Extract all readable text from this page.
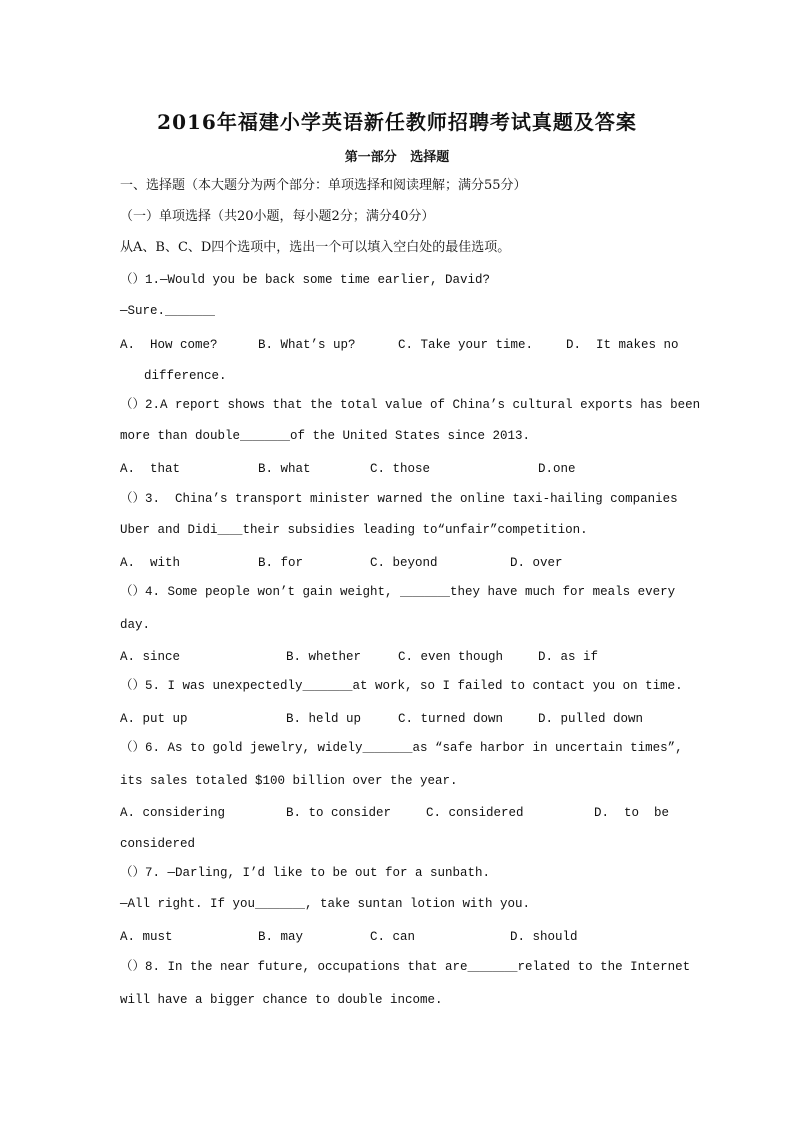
2016年福建小学英语新任教师招聘考试真题及答案
第一部分   选择题
一、选择题（本大题分为两个部分：单项选择和阅读理解；满分55分）
（一）单项选择（共20小题，每小题2分；满分40分）
从A、B、C、D四个选项中，选出一个可以填入空白处的最佳选项。
（）1.—Would you be back some time earlier, David?
—Sure.＿＿＿＿
A.  How come?	B. What’s up?	C. Take your time.	D.  It makes no
difference.
（）2.A report shows that the total value of China’s cultural exports has been
more than double＿＿＿＿of the United States since 2013.
A.  that	B. what	C. those	D.one
（）3.  China’s transport minister warned the online taxi-hailing companies
Uber and Didi＿＿their subsidies leading to“unfair”competition.
A.  with	B. for	C. beyond	D. over
（）4. Some people won’t gain weight, ＿＿＿＿they have much for meals every
day.
A. since	B. whether	C. even though	D. as if
（）5. I was unexpectedly＿＿＿＿at work, so I failed to contact you on time.
A. put up	B. held up	C. turned down	D. pulled down
（）6. As to gold jewelry, widely＿＿＿＿as “safe harbor in uncertain times”,
its sales totaled $100 billion over the year.
A. considering	B. to consider	C. considered	D.  to  be
considered
（）7. —Darling, I’d like to be out for a sunbath.
—All right. If you＿＿＿＿, take suntan lotion with you.
A. must	B. may	C. can	D. should
（）8. In the near future, occupations that are＿＿＿＿related to the Internet
will have a bigger chance to double income.
